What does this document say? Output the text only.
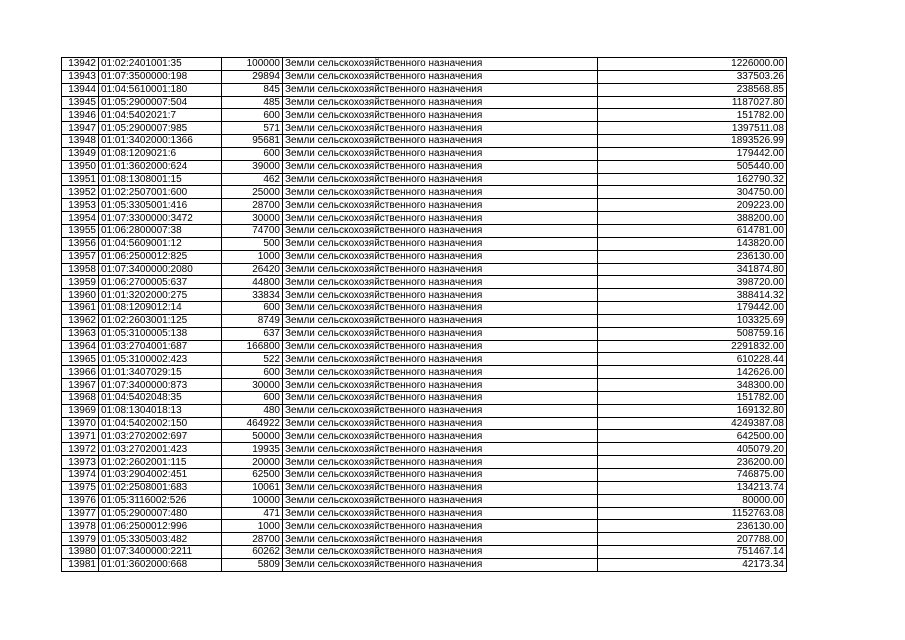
13942	01:02:2401001:35	100000	Земли сельскохозяйственного назначения	1226000.00
13943	01:07:3500000:198	29894	Земли сельскохозяйственного назначения	337503.26
13944	01:04:5610001:180	845	Земли сельскохозяйственного назначения	238568.85
13945	01:05:2900007:504	485	Земли сельскохозяйственного назначения	1187027.80
13946	01:04:5402021:7	600	Земли сельскохозяйственного назначения	151782.00
13947	01:05:2900007:985	571	Земли сельскохозяйственного назначения	1397511.08
13948	01:01:3402000:1366	95681	Земли сельскохозяйственного назначения	1893526.99
13949	01:08:1209021:6	600	Земли сельскохозяйственного назначения	179442.00
13950	01:01:3602000:624	39000	Земли сельскохозяйственного назначения	505440.00
13951	01:08:1308001:15	462	Земли сельскохозяйственного назначения	162790.32
13952	01:02:2507001:600	25000	Земли сельскохозяйственного назначения	304750.00
13953	01:05:3305001:416	28700	Земли сельскохозяйственного назначения	209223.00
13954	01:07:3300000:3472	30000	Земли сельскохозяйственного назначения	388200.00
13955	01:06:2800007:38	74700	Земли сельскохозяйственного назначения	614781.00
13956	01:04:5609001:12	500	Земли сельскохозяйственного назначения	143820.00
13957	01:06:2500012:825	1000	Земли сельскохозяйственного назначения	236130.00
13958	01:07:3400000:2080	26420	Земли сельскохозяйственного назначения	341874.80
13959	01:06:2700005:637	44800	Земли сельскохозяйственного назначения	398720.00
13960	01:01:3202000:275	33834	Земли сельскохозяйственного назначения	388414.32
13961	01:08:1209012:14	600	Земли сельскохозяйственного назначения	179442.00
13962	01:02:2603001:125	8749	Земли сельскохозяйственного назначения	103325.69
13963	01:05:3100005:138	637	Земли сельскохозяйственного назначения	508759.16
13964	01:03:2704001:687	166800	Земли сельскохозяйственного назначения	2291832.00
13965	01:05:3100002:423	522	Земли сельскохозяйственного назначения	610228.44
13966	01:01:3407029:15	600	Земли сельскохозяйственного назначения	142626.00
13967	01:07:3400000:873	30000	Земли сельскохозяйственного назначения	348300.00
13968	01:04:5402048:35	600	Земли сельскохозяйственного назначения	151782.00
13969	01:08:1304018:13	480	Земли сельскохозяйственного назначения	169132.80
13970	01:04:5402002:150	464922	Земли сельскохозяйственного назначения	4249387.08
13971	01:03:2702002:697	50000	Земли сельскохозяйственного назначения	642500.00
13972	01:03:2702001:423	19935	Земли сельскохозяйственного назначения	405079.20
13973	01:02:2602001:115	20000	Земли сельскохозяйственного назначения	236200.00
13974	01:03:2904002:451	62500	Земли сельскохозяйственного назначения	746875.00
13975	01:02:2508001:683	10061	Земли сельскохозяйственного назначения	134213.74
13976	01:05:3116002:526	10000	Земли сельскохозяйственного назначения	80000.00
13977	01:05:2900007:480	471	Земли сельскохозяйственного назначения	1152763.08
13978	01:06:2500012:996	1000	Земли сельскохозяйственного назначения	236130.00
13979	01:05:3305003:482	28700	Земли сельскохозяйственного назначения	207788.00
13980	01:07:3400000:2211	60262	Земли сельскохозяйственного назначения	751467.14
13981	01:01:3602000:668	5809	Земли сельскохозяйственного назначения	42173.34
